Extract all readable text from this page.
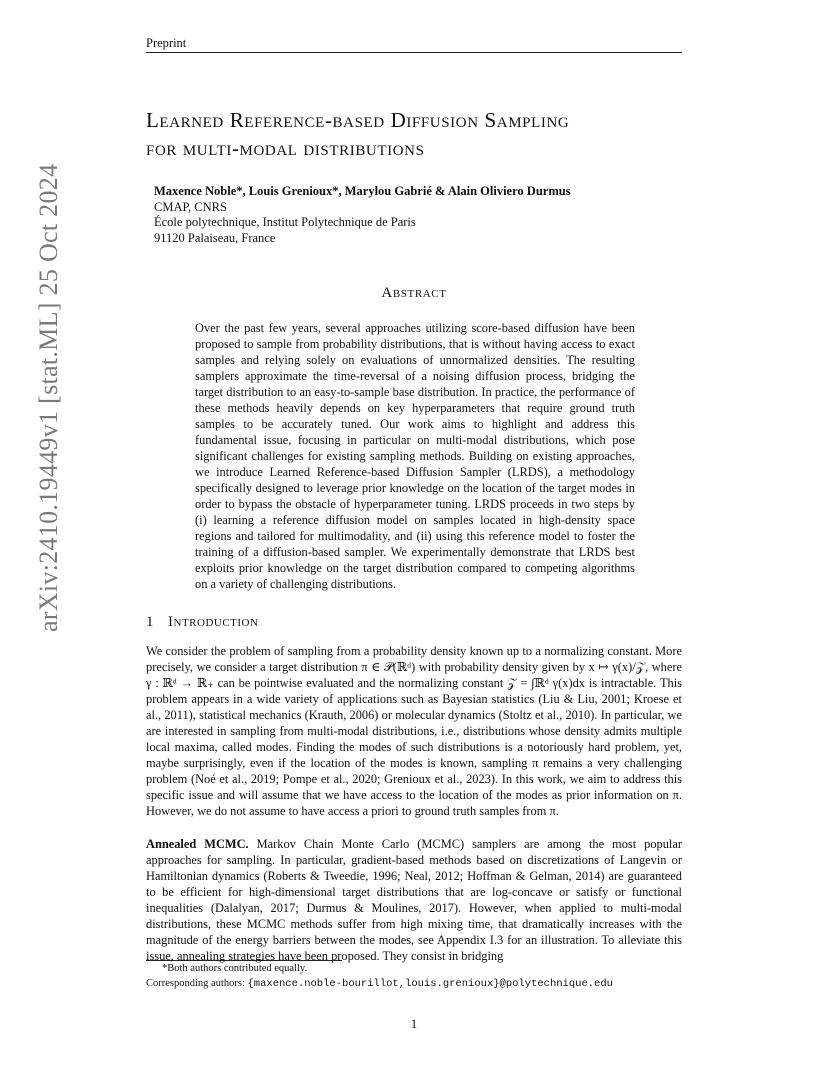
Preprint
arXiv:2410.19449v1 [stat.ML] 25 Oct 2024
Learned Reference-based Diffusion Sampling
for multi-modal distributions
Maxence Noble*, Louis Grenioux*, Marylou Gabrié & Alain Oliviero Durmus
CMAP, CNRS
École polytechnique, Institut Polytechnique de Paris
91120 Palaiseau, France
Abstract
Over the past few years, several approaches utilizing score-based diffusion have been proposed to sample from probability distributions, that is without having access to exact samples and relying solely on evaluations of unnormalized densities. The resulting samplers approximate the time-reversal of a noising diffusion process, bridging the target distribution to an easy-to-sample base distribution. In practice, the performance of these methods heavily depends on key hyperparameters that require ground truth samples to be accurately tuned. Our work aims to highlight and address this fundamental issue, focusing in particular on multi-modal distributions, which pose significant challenges for existing sampling methods. Building on existing approaches, we introduce Learned Reference-based Diffusion Sampler (LRDS), a methodology specifically designed to leverage prior knowledge on the location of the target modes in order to bypass the obstacle of hyperparameter tuning. LRDS proceeds in two steps by (i) learning a reference diffusion model on samples located in high-density space regions and tailored for multimodality, and (ii) using this reference model to foster the training of a diffusion-based sampler. We experimentally demonstrate that LRDS best exploits prior knowledge on the target distribution compared to competing algorithms on a variety of challenging distributions.
1 Introduction
We consider the problem of sampling from a probability density known up to a normalizing constant. More precisely, we consider a target distribution π ∈ 𝒫(ℝᵈ) with probability density given by x ↦ γ(x)/𝒵, where γ : ℝᵈ → ℝ₊ can be pointwise evaluated and the normalizing constant 𝒵 = ∫ℝᵈ γ(x)dx is intractable. This problem appears in a wide variety of applications such as Bayesian statistics (Liu & Liu, 2001; Kroese et al., 2011), statistical mechanics (Krauth, 2006) or molecular dynamics (Stoltz et al., 2010). In particular, we are interested in sampling from multi-modal distributions, i.e., distributions whose density admits multiple local maxima, called modes. Finding the modes of such distributions is a notoriously hard problem, yet, maybe surprisingly, even if the location of the modes is known, sampling π remains a very challenging problem (Noé et al., 2019; Pompe et al., 2020; Grenioux et al., 2023). In this work, we aim to address this specific issue and will assume that we have access to the location of the modes as prior information on π. However, we do not assume to have access a priori to ground truth samples from π.
Annealed MCMC. Markov Chain Monte Carlo (MCMC) samplers are among the most popular approaches for sampling. In particular, gradient-based methods based on discretizations of Langevin or Hamiltonian dynamics (Roberts & Tweedie, 1996; Neal, 2012; Hoffman & Gelman, 2014) are guaranteed to be efficient for high-dimensional target distributions that are log-concave or satisfy or functional inequalities (Dalalyan, 2017; Durmus & Moulines, 2017). However, when applied to multi-modal distributions, these MCMC methods suffer from high mixing time, that dramatically increases with the magnitude of the energy barriers between the modes, see Appendix I.3 for an illustration. To alleviate this issue, annealing strategies have been proposed. They consist in bridging
*Both authors contributed equally.
Corresponding authors: {maxence.noble-bourillot,louis.grenioux}@polytechnique.edu
1
